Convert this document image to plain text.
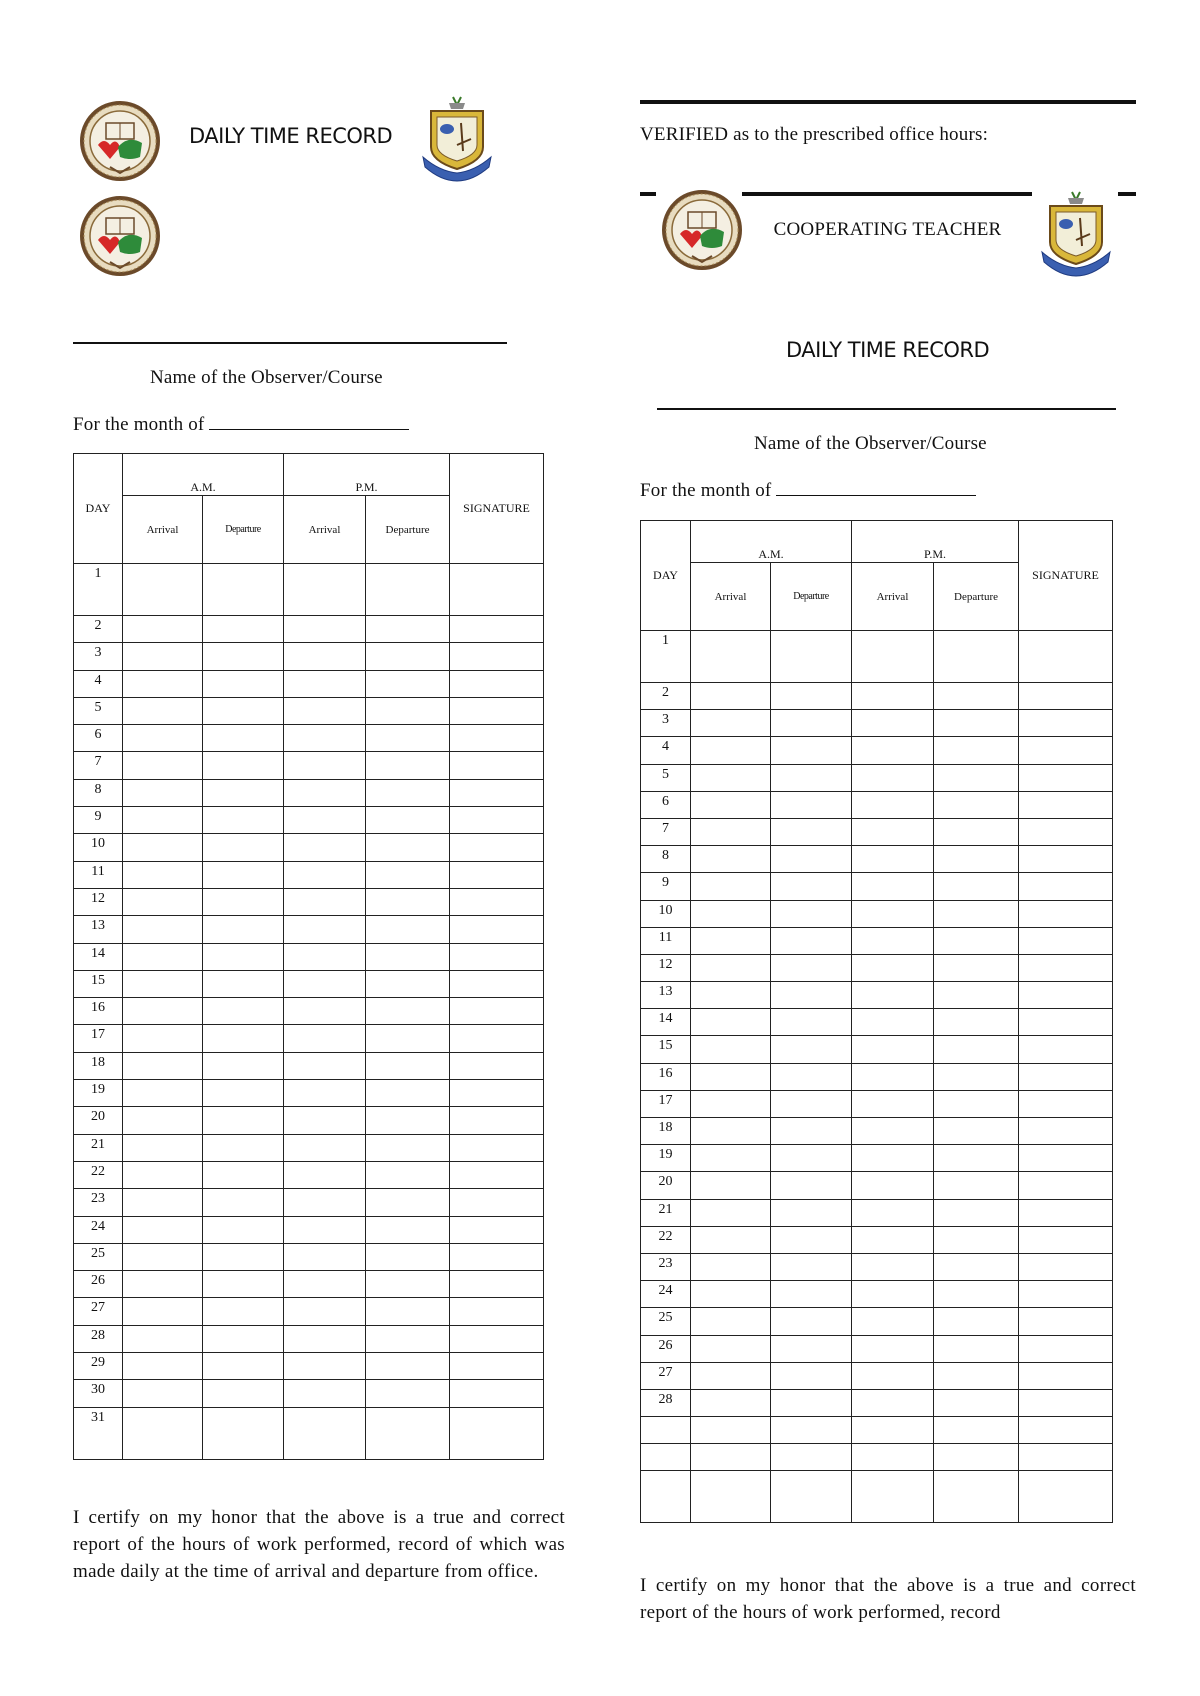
DAILY TIME RECORD
Name of the Observer/Course
For the month of
DAY	A.M.		P.M.		SIGNATURE
	Arrival	Departure	Arrival	Departure	
1					
2					
3					
4					
5					
6					
7					
8					
9					
10					
11					
12					
13					
14					
15					
16					
17					
18					
19					
20					
21					
22					
23					
24					
25					
26					
27					
28					
29					
30					
31					
I certify on my honor that the above is a true and correct report of the hours of work performed, record of which was made daily at the time of arrival and departure from office.
VERIFIED as to the prescribed office hours:
COOPERATING TEACHER
DAILY TIME RECORD
Name of the Observer/Course
For the month of
DAY	A.M.		P.M.		SIGNATURE
	Arrival	Departure	Arrival	Departure	
1					
2					
3					
4					
5					
6					
7					
8					
9					
10					
11					
12					
13					
14					
15					
16					
17					
18					
19					
20					
21					
22					
23					
24					
25					
26					
27					
28					

I certify on my honor that the above is a true and correct report of the hours of work performed, record
